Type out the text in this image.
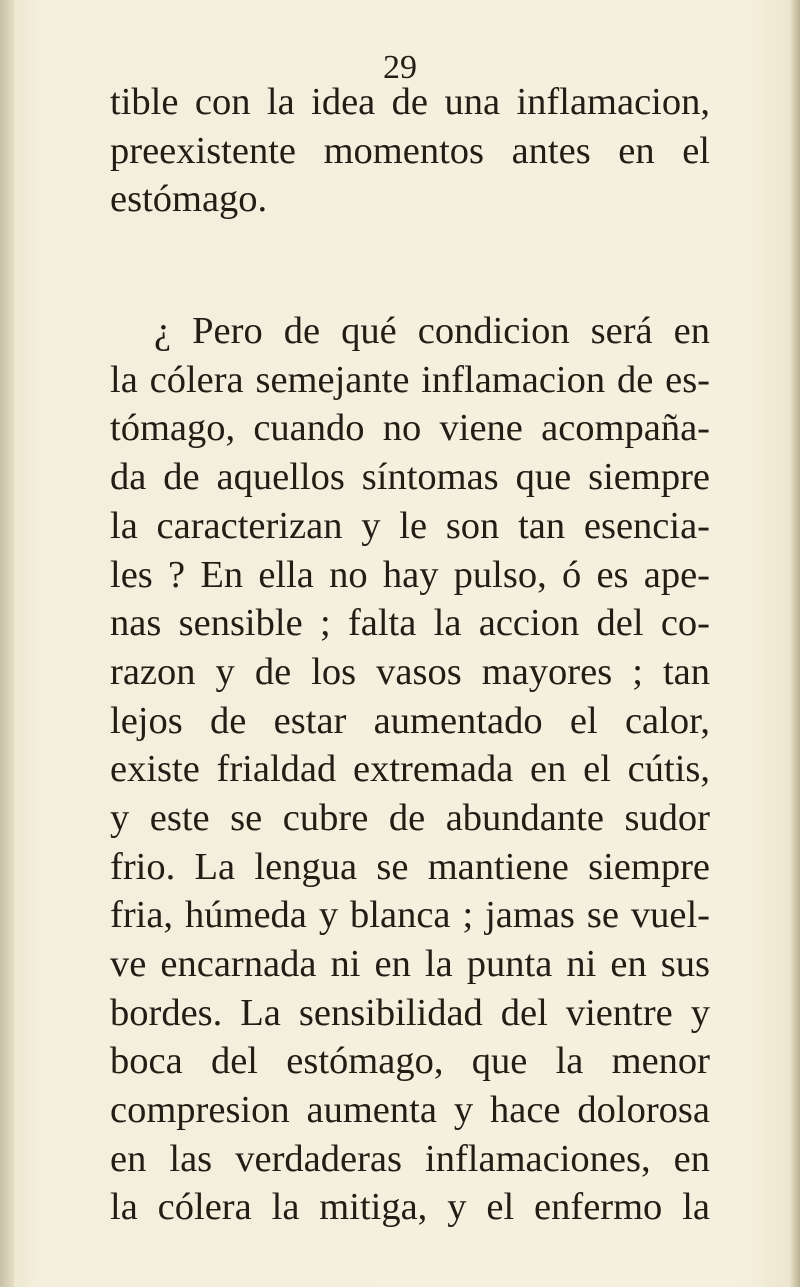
29
tible con la idea de una inflamacion,
preexistente momentos antes en el
estómago.
¿ Pero de qué condicion será en
la cólera semejante inflamacion de es-
tómago, cuando no viene acompaña-
da de aquellos síntomas que siempre
la caracterizan y le son tan esencia-
les ? En ella no hay pulso, ó es ape-
nas sensible ; falta la accion del co-
razon y de los vasos mayores ; tan
lejos de estar aumentado el calor,
existe frialdad extremada en el cútis,
y este se cubre de abundante sudor
frio. La lengua se mantiene siempre
fria, húmeda y blanca ; jamas se vuel-
ve encarnada ni en la punta ni en sus
bordes. La sensibilidad del vientre y
boca del estómago, que la menor
compresion aumenta y hace dolorosa
en las verdaderas inflamaciones, en
la cólera la mitiga, y el enfermo la
